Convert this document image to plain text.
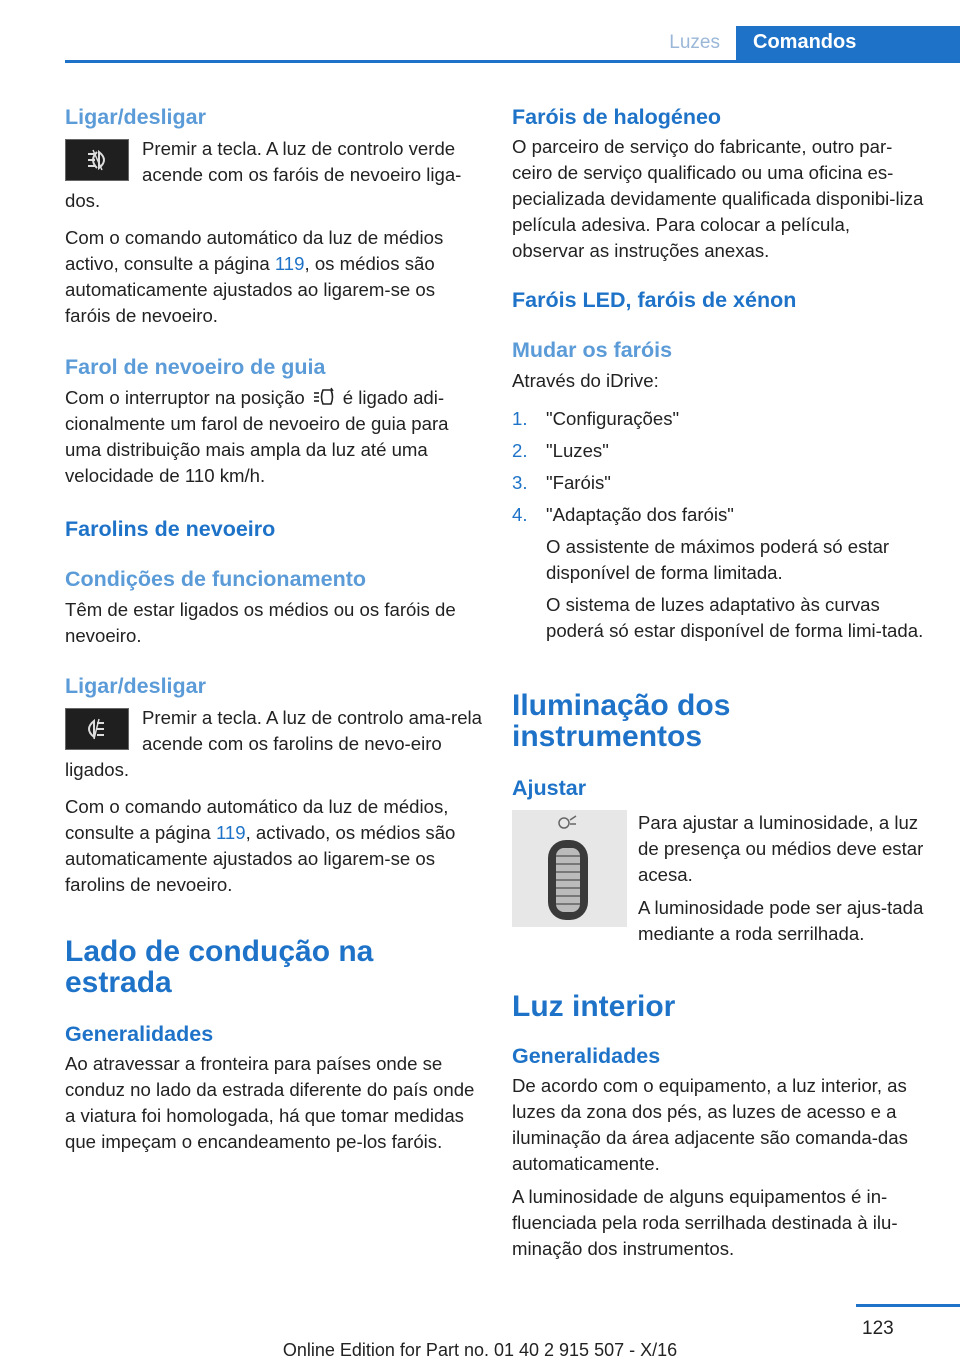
Luzes Comandos

Ligar/desligar

Premir a tecla. A luz de controlo verde acende com os faróis de nevoeiro liga-dos.

Com o comando automático da luz de médios activo, consulte a página 119, os médios são automaticamente ajustados ao ligarem-se os faróis de nevoeiro.

Farol de nevoeiro de guia

Com o interruptor na posição é ligado adi-cionalmente um farol de nevoeiro de guia para uma distribuição mais ampla da luz até uma velocidade de 110 km/h.

Farolins de nevoeiro

Condições de funcionamento

Têm de estar ligados os médios ou os faróis de nevoeiro.

Ligar/desligar

Premir a tecla. A luz de controlo ama-rela acende com os farolins de nevo-eiro ligados.

Com o comando automático da luz de médios, consulte a página 119, activado, os médios são automaticamente ajustados ao ligarem-se os farolins de nevoeiro.

Lado de condução na
estrada

Generalidades

Ao atravessar a fronteira para países onde se conduz no lado da estrada diferente do país onde a viatura foi homologada, há que tomar medidas que impeçam o encandeamento pe-los faróis.

Faróis de halogéneo

O parceiro de serviço do fabricante, outro par-ceiro de serviço qualificado ou uma oficina es-pecializada devidamente qualificada disponibi-liza película adesiva. Para colocar a película, observar as instruções anexas.

Faróis LED, faróis de xénon

Mudar os faróis

Através do iDrive:

1. "Configurações"

2. "Luzes"

3. "Faróis"

4. "Adaptação dos faróis"

O assistente de máximos poderá só estar disponível de forma limitada.

O sistema de luzes adaptativo às curvas poderá só estar disponível de forma limi-tada.

Iluminação dos instrumentos

Ajustar

Para ajustar a luminosidade, a luz de presença ou médios deve estar acesa.

A luminosidade pode ser ajus-tada mediante a roda serrilhada.

Luz interior

Generalidades

De acordo com o equipamento, a luz interior, as luzes da zona dos pés, as luzes de acesso e a iluminação da área adjacente são comanda-das automaticamente.

A luminosidade de alguns equipamentos é in-fluenciada pela roda serrilhada destinada à ilu-minação dos instrumentos.

123
Online Edition for Part no. 01 40 2 915 507 - X/16
